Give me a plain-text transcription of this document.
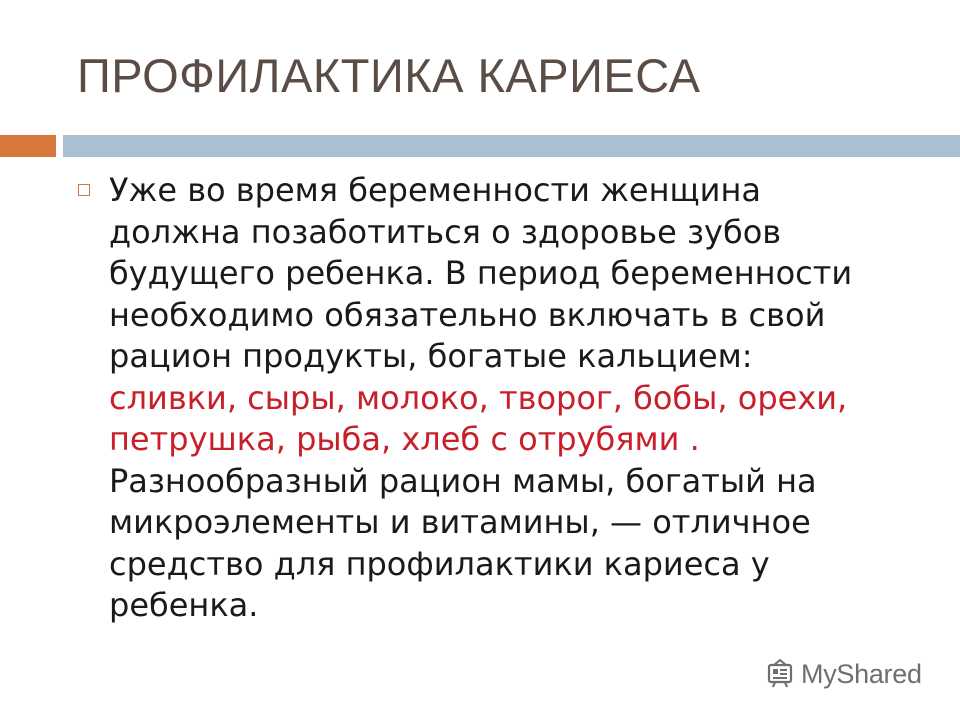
ПРОФИЛАКТИКА КАРИЕСА
Уже во время беременности женщина
должна позаботиться о здоровье зубов
будущего ребенка. В период беременности
необходимо обязательно включать в свой
рацион продукты, богатые кальцием:
сливки, сыры, молоко, творог, бобы, орехи,
петрушка, рыба, хлеб с отрубями .
Разнообразный рацион мамы, богатый на
микроэлементы и витамины, — отличное
средство для профилактики кариеса у
ребенка.
MyShared
